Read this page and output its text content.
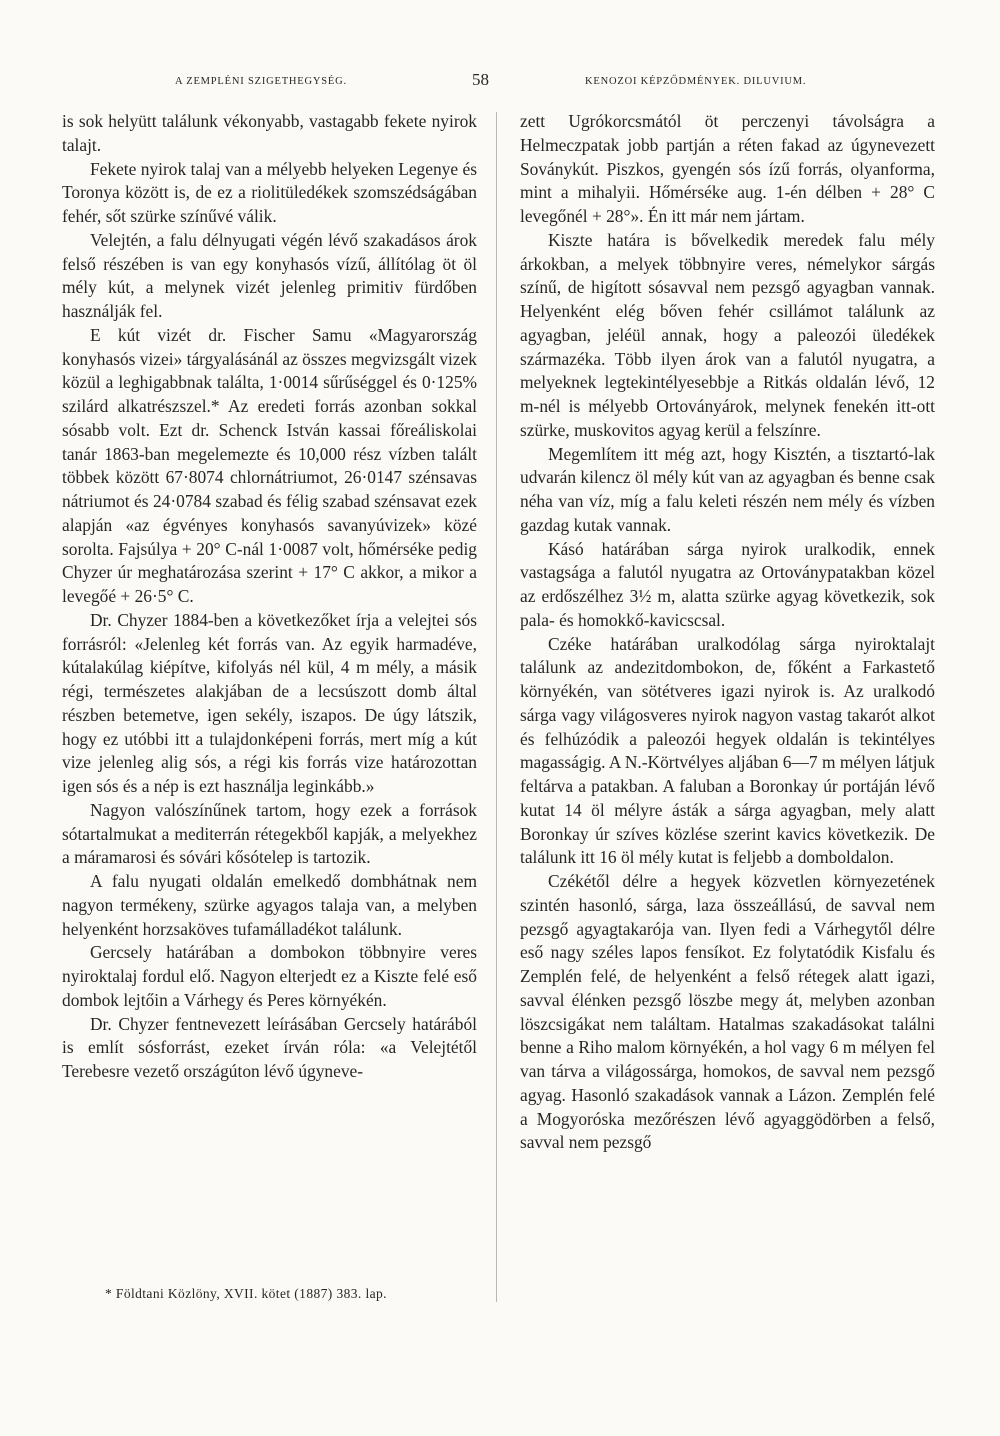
A ZEMPLÉNI SZIGETHEGYSÉG.	58	KENOZOI KÉPZŐDMÉNYEK. DILUVIUM.

is sok helyütt találunk vékonyabb, vastagabb fekete nyirok talajt.

Fekete nyirok talaj van a mélyebb helyeken Legenye és Toronya között is, de ez a riolitüledékek szomszédságában fehér, sőt szürke színűvé válik.

Velejtén, a falu délnyugati végén lévő szakadásos árok felső részében is van egy konyhasós vízű, állítólag öt öl mély kút, a melynek vizét jelenleg primitiv fürdőben használják fel.

E kút vizét dr. Fischer Samu «Magyarország konyhasós vizei» tárgyalásánál az összes megvizsgált vizek közül a leghigabbnak találta, 1·0014 sűrűséggel és 0·125% szilárd alkatrészszel.* Az eredeti forrás azonban sokkal sósabb volt. Ezt dr. Schenck István kassai főreáliskolai tanár 1863-ban megelemezte és 10,000 rész vízben talált többek között 67·8074 chlornátriumot, 26·0147 szénsavas nátriumot és 24·0784 szabad és félig szabad szénsavat ezek alapján «az égvényes konyhasós savanyúvizek» közé sorolta. Fajsúlya + 20° C-nál 1·0087 volt, hőmérséke pedig Chyzer úr meghatározása szerint + 17° C akkor, a mikor a levegőé + 26·5° C.

Dr. Chyzer 1884-ben a következőket írja a velejtei sós forrásról: «Jelenleg két forrás van. Az egyik harmadéve, kútalakúlag kiépítve, kifolyás nél kül, 4 m mély, a másik régi, természetes alakjában de a lecsúszott domb által részben betemetve, igen sekély, iszapos. De úgy látszik, hogy ez utóbbi itt a tulajdonképeni forrás, mert míg a kút vize jelenleg alig sós, a régi kis forrás vize határozottan igen sós és a nép is ezt használja leginkább.»

Nagyon valószínűnek tartom, hogy ezek a források sótartalmukat a mediterrán rétegekből kapják, a melyekhez a máramarosi és sóvári kősótelep is tartozik.

A falu nyugati oldalán emelkedő dombhátnak nem nagyon termékeny, szürke agyagos talaja van, a melyben helyenként horzsaköves tufamálladékot találunk.

Gercsely határában a dombokon többnyire veres nyiroktalaj fordul elő. Nagyon elterjedt ez a Kiszte felé eső dombok lejtőin a Várhegy és Peres környékén.

Dr. Chyzer fentnevezett leírásában Gercsely határából is említ sósforrást, ezeket írván róla: «a Velejtétől Terebesre vezető országúton lévő úgyneve-

zett Ugrókorcsmától öt perczenyi távolságra a Helmeczpatak jobb partján a réten fakad az úgynevezett Soványkút. Piszkos, gyengén sós ízű forrás, olyanforma, mint a mihalyii. Hőmérséke aug. 1-én délben + 28° C levegőnél + 28°». Én itt már nem jártam.

Kiszte határa is bővelkedik meredek falu mély árkokban, a melyek többnyire veres, némelykor sárgás színű, de higított sósavval nem pezsgő agyagban vannak. Helyenként elég bőven fehér csillámot találunk az agyagban, jeléül annak, hogy a paleozói üledékek származéka. Több ilyen árok van a falutól nyugatra, a melyeknek legtekintélyesebbje a Ritkás oldalán lévő, 12 m-nél is mélyebb Ortoványárok, melynek fenekén itt-ott szürke, muskovitos agyag kerül a felszínre.

Megemlítem itt még azt, hogy Kisztén, a tisztartó-lak udvarán kilencz öl mély kút van az agyagban és benne csak néha van víz, míg a falu keleti részén nem mély és vízben gazdag kutak vannak.

Kásó határában sárga nyirok uralkodik, ennek vastagsága a falutól nyugatra az Ortoványpatakban közel az erdőszélhez 3½ m, alatta szürke agyag következik, sok pala- és homokkő-kavicscsal.

Czéke határában uralkodólag sárga nyiroktalajt találunk az andezitdombokon, de, főként a Farkastető környékén, van sötétveres igazi nyirok is. Az uralkodó sárga vagy világosveres nyirok nagyon vastag takarót alkot és felhúzódik a paleozói hegyek oldalán is tekintélyes magasságig. A N.-Körtvélyes aljában 6—7 m mélyen látjuk feltárva a patakban. A faluban a Boronkay úr portáján lévő kutat 14 öl mélyre ásták a sárga agyagban, mely alatt Boronkay úr szíves közlése szerint kavics következik. De találunk itt 16 öl mély kutat is feljebb a domboldalon.

Czékétől délre a hegyek közvetlen környezetének szintén hasonló, sárga, laza összeállású, de savval nem pezsgő agyagtakarója van. Ilyen fedi a Várhegytől délre eső nagy széles lapos fensíkot. Ez folytatódik Kisfalu és Zemplén felé, de helyenként a felső rétegek alatt igazi, savval élénken pezsgő löszbe megy át, melyben azonban löszcsigákat nem találtam. Hatalmas szakadásokat találni benne a Riho malom környékén, a hol vagy 6 m mélyen fel van tárva a világossárga, homokos, de savval nem pezsgő agyag. Hasonló szakadások vannak a Lázon. Zemplén felé a Mogyoróska mezőrészen lévő agyaggödörben a felső, savval nem pezsgő

* Földtani Közlöny, XVII. kötet (1887) 383. lap.
